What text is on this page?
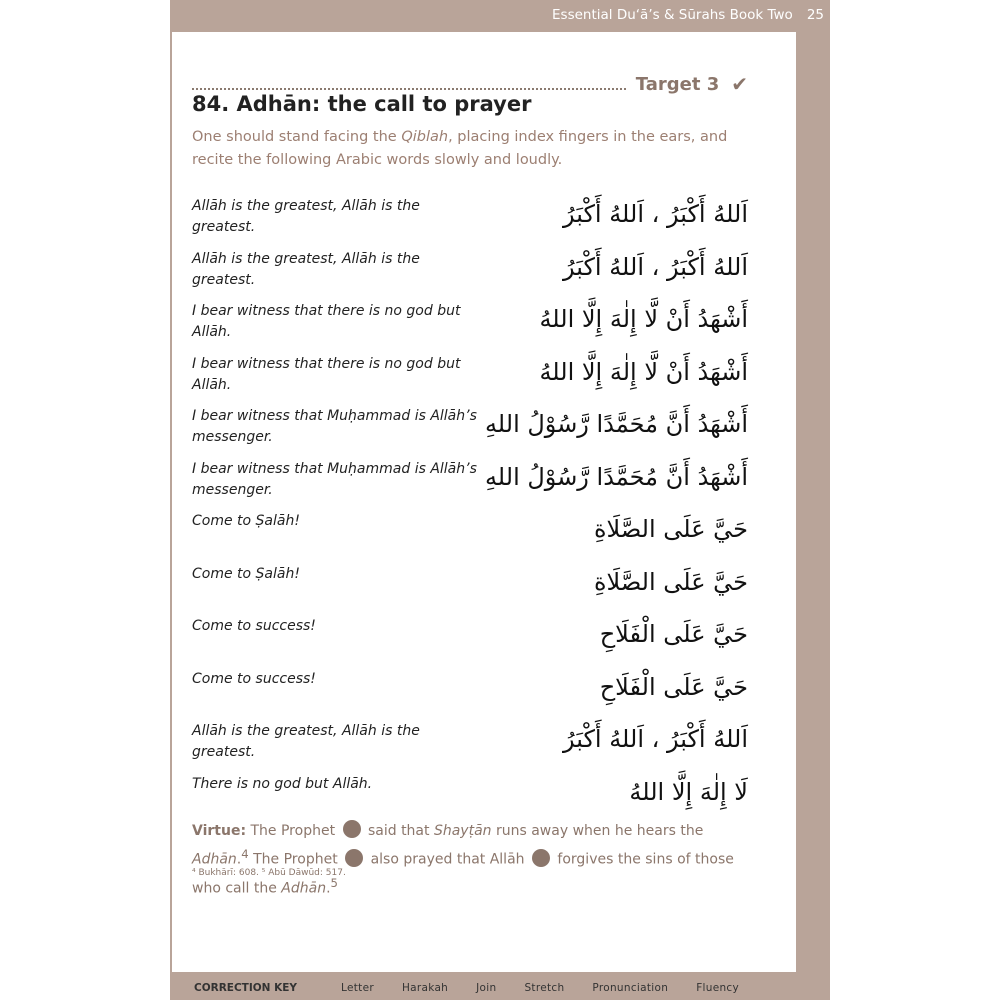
Essential Du‘ā’s & Sūrahs Book Two 25
Target 3 ✔
84. Adhān: the call to prayer
One should stand facing the Qiblah, placing index fingers in the ears, and recite the following Arabic words slowly and loudly.
Allāh is the greatest, Allāh is the greatest.	اَللهُ أَكْبَرُ ، اَللهُ أَكْبَرُ
Allāh is the greatest, Allāh is the greatest.	اَللهُ أَكْبَرُ ، اَللهُ أَكْبَرُ
I bear witness that there is no god but Allāh.	أَشْهَدُ أَنْ لَّا إِلٰهَ إِلَّا اللهُ
I bear witness that there is no god but Allāh.	أَشْهَدُ أَنْ لَّا إِلٰهَ إِلَّا اللهُ
I bear witness that Muḥammad is Allāh’s messenger.	أَشْهَدُ أَنَّ مُحَمَّدًا رَّسُوْلُ اللهِ
I bear witness that Muḥammad is Allāh’s messenger.	أَشْهَدُ أَنَّ مُحَمَّدًا رَّسُوْلُ اللهِ
Come to Ṣalāh!	حَيَّ عَلَى الصَّلَاةِ
Come to Ṣalāh!	حَيَّ عَلَى الصَّلَاةِ
Come to success!	حَيَّ عَلَى الْفَلَاحِ
Come to success!	حَيَّ عَلَى الْفَلَاحِ
Allāh is the greatest, Allāh is the greatest.	اَللهُ أَكْبَرُ ، اَللهُ أَكْبَرُ
There is no god but Allāh.	لَا إِلٰهَ إِلَّا اللهُ
Virtue: The Prophet  said that Shayṭān runs away when he hears the Adhān.$^4$ The Prophet  also prayed that Allāh  forgives the sins of those who call the Adhān.$^5$
⁴ Bukhārī: 608. ⁵ Abū Dāwūd: 517.
CORRECTION KEY	Letter	Harakah	Join	Stretch	Pronunciation	Fluency
